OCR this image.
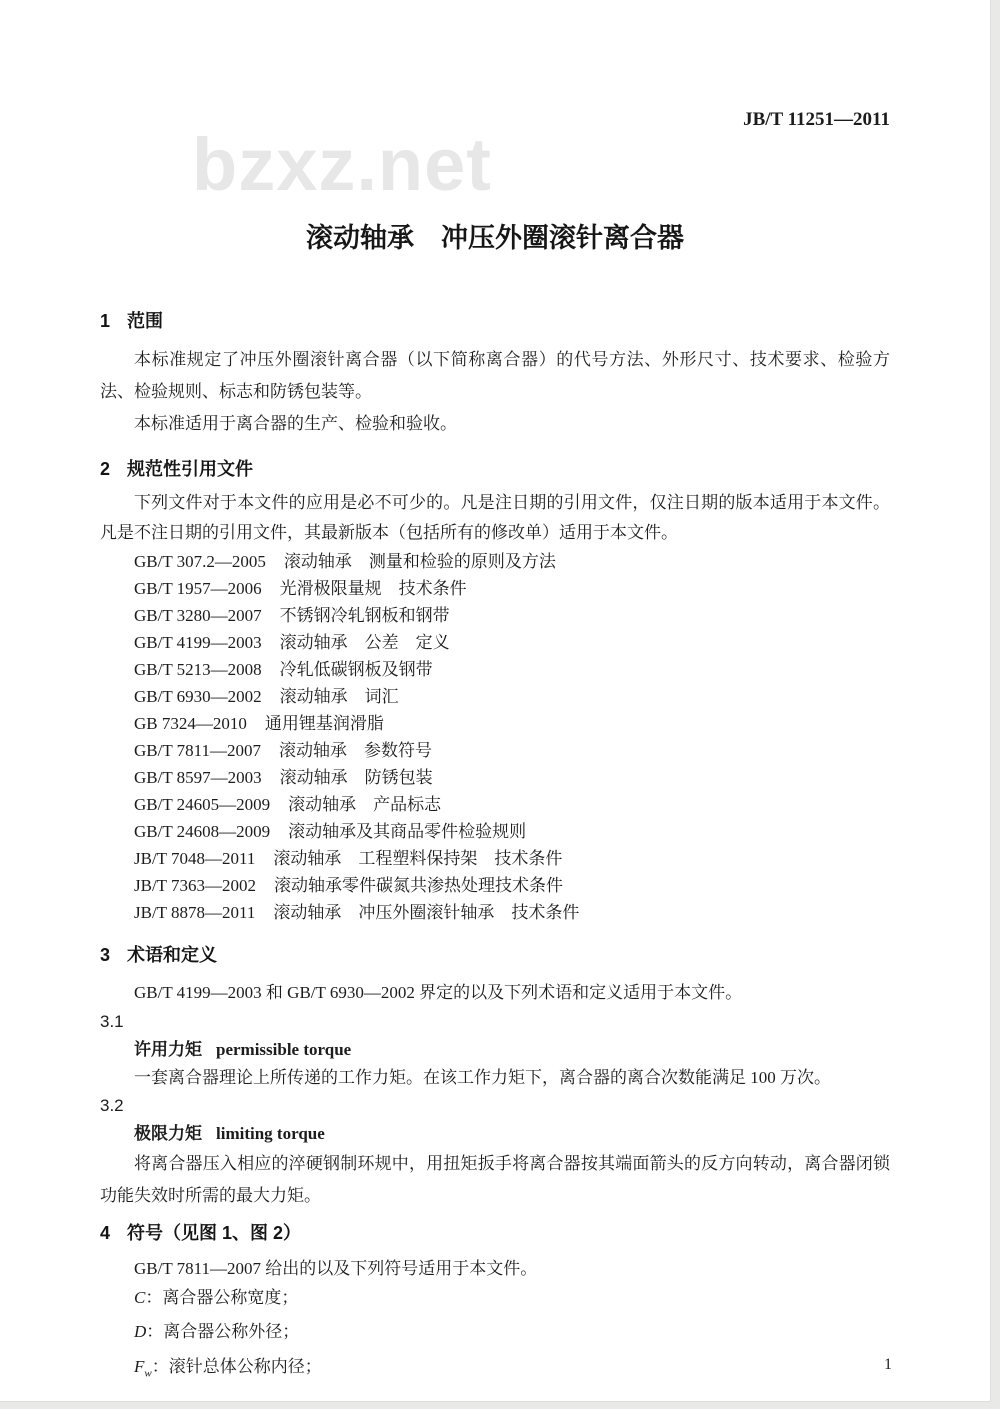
bzxz.net
JB/T 11251—2011
滚动轴承　冲压外圈滚针离合器
1 范围

本标准规定了冲压外圈滚针离合器（以下简称离合器）的代号方法、外形尺寸、技术要求、检验方法、检验规则、标志和防锈包装等。

本标准适用于离合器的生产、检验和验收。

2 规范性引用文件

下列文件对于本文件的应用是必不可少的。凡是注日期的引用文件，仅注日期的版本适用于本文件。凡是不注日期的引用文件，其最新版本（包括所有的修改单）适用于本文件。

GB/T 307.2—2005 滚动轴承　测量和检验的原则及方法
GB/T 1957—2006 光滑极限量规　技术条件
GB/T 3280—2007 不锈钢冷轧钢板和钢带
GB/T 4199—2003 滚动轴承　公差　定义
GB/T 5213—2008 冷轧低碳钢板及钢带
GB/T 6930—2002 滚动轴承　词汇
GB 7324—2010 通用锂基润滑脂
GB/T 7811—2007 滚动轴承　参数符号
GB/T 8597—2003 滚动轴承　防锈包装
GB/T 24605—2009 滚动轴承　产品标志
GB/T 24608—2009 滚动轴承及其商品零件检验规则
JB/T 7048—2011 滚动轴承　工程塑料保持架　技术条件
JB/T 7363—2002 滚动轴承零件碳氮共渗热处理技术条件
JB/T 8878—2011 滚动轴承　冲压外圈滚针轴承　技术条件
3 术语和定义

GB/T 4199—2003 和 GB/T 6930—2002 界定的以及下列术语和定义适用于本文件。

3.1
许用力矩 permissible torque

一套离合器理论上所传递的工作力矩。在该工作力矩下，离合器的离合次数能满足 100 万次。

3.2
极限力矩 limiting torque

将离合器压入相应的淬硬钢制环规中，用扭矩扳手将离合器按其端面箭头的反方向转动，离合器闭锁功能失效时所需的最大力矩。

4 符号（见图 1、图 2）

GB/T 7811—2007 给出的以及下列符号适用于本文件。

C：离合器公称宽度；
D：离合器公称外径；
$F_w$：滚针总体公称内径；	1
